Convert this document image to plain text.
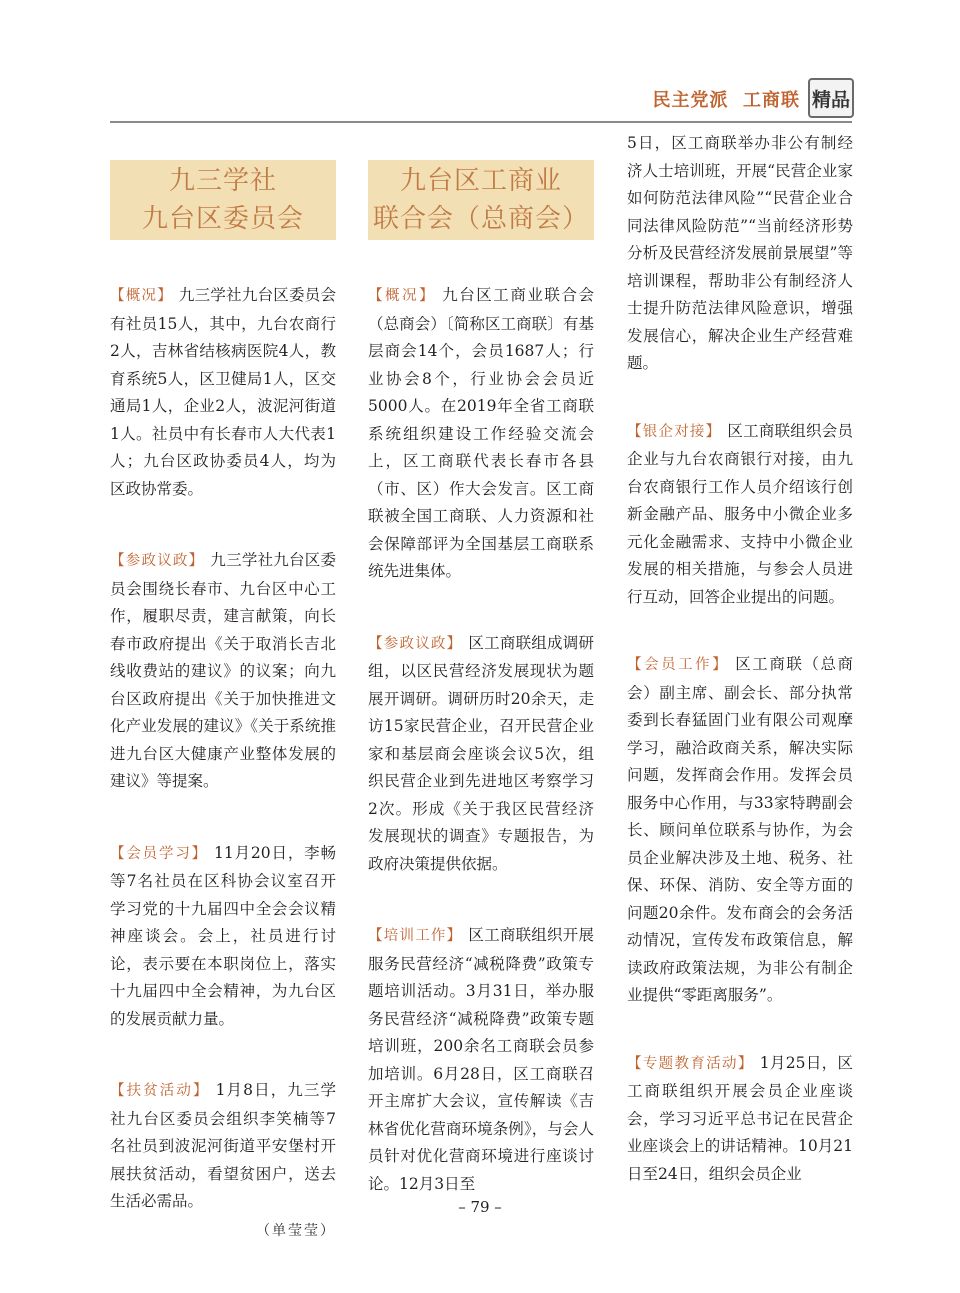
民主党派  工商联 精品
九三学社
九台区委员会
【概况】 九三学社九台区委员会有社员15人，其中，九台农商行2人，吉林省结核病医院4人，教育系统5人，区卫健局1人，区交通局1人，企业2人，波泥河街道1人。社员中有长春市人大代表1人；九台区政协委员4人，均为区政协常委。
【参政议政】 九三学社九台区委员会围绕长春市、九台区中心工作，履职尽责，建言献策，向长春市政府提出《关于取消长吉北线收费站的建议》的议案；向九台区政府提出《关于加快推进文化产业发展的建议》《关于系统推进九台区大健康产业整体发展的建议》等提案。
【会员学习】 11月20日，李畅等7名社员在区科协会议室召开学习党的十九届四中全会会议精神座谈会。会上，社员进行讨论，表示要在本职岗位上，落实十九届四中全会精神，为九台区的发展贡献力量。
【扶贫活动】 1月8日，九三学社九台区委员会组织李笑楠等7名社员到波泥河街道平安堡村开展扶贫活动，看望贫困户，送去生活必需品。
（单莹莹）
九台区工商业
联合会（总商会）
【概况】 九台区工商业联合会（总商会）〔简称区工商联〕有基层商会14个，会员1687人；行业协会8个，行业协会会员近5000人。在2019年全省工商联系统组织建设工作经验交流会上，区工商联代表长春市各县（市、区）作大会发言。区工商联被全国工商联、人力资源和社会保障部评为全国基层工商联系统先进集体。
【参政议政】 区工商联组成调研组，以区民营经济发展现状为题展开调研。调研历时20余天，走访15家民营企业，召开民营企业家和基层商会座谈会议5次，组织民营企业到先进地区考察学习2次。形成《关于我区民营经济发展现状的调查》专题报告，为政府决策提供依据。
【培训工作】 区工商联组织开展服务民营经济“减税降费”政策专题培训活动。3月31日，举办服务民营经济“减税降费”政策专题培训班，200余名工商联会员参加培训。6月28日，区工商联召开主席扩大会议，宣传解读《吉林省优化营商环境条例》，与会人员针对优化营商环境进行座谈讨论。12月3日至
5日，区工商联举办非公有制经济人士培训班，开展“民营企业家如何防范法律风险”“民营企业合同法律风险防范”“当前经济形势分析及民营经济发展前景展望”等培训课程，帮助非公有制经济人士提升防范法律风险意识，增强发展信心，解决企业生产经营难题。
【银企对接】 区工商联组织会员企业与九台农商银行对接，由九台农商银行工作人员介绍该行创新金融产品、服务中小微企业多元化金融需求、支持中小微企业发展的相关措施，与参会人员进行互动，回答企业提出的问题。
【会员工作】 区工商联（总商会）副主席、副会长、部分执常委到长春猛固门业有限公司观摩学习，融洽政商关系，解决实际问题，发挥商会作用。发挥会员服务中心作用，与33家特聘副会长、顾问单位联系与协作，为会员企业解决涉及土地、税务、社保、环保、消防、安全等方面的问题20余件。发布商会的会务活动情况，宣传发布政策信息，解读政府政策法规，为非公有制企业提供“零距离服务”。
【专题教育活动】 1月25日，区工商联组织开展会员企业座谈会，学习习近平总书记在民营企业座谈会上的讲话精神。10月21日至24日，组织会员企业
– 79 –
